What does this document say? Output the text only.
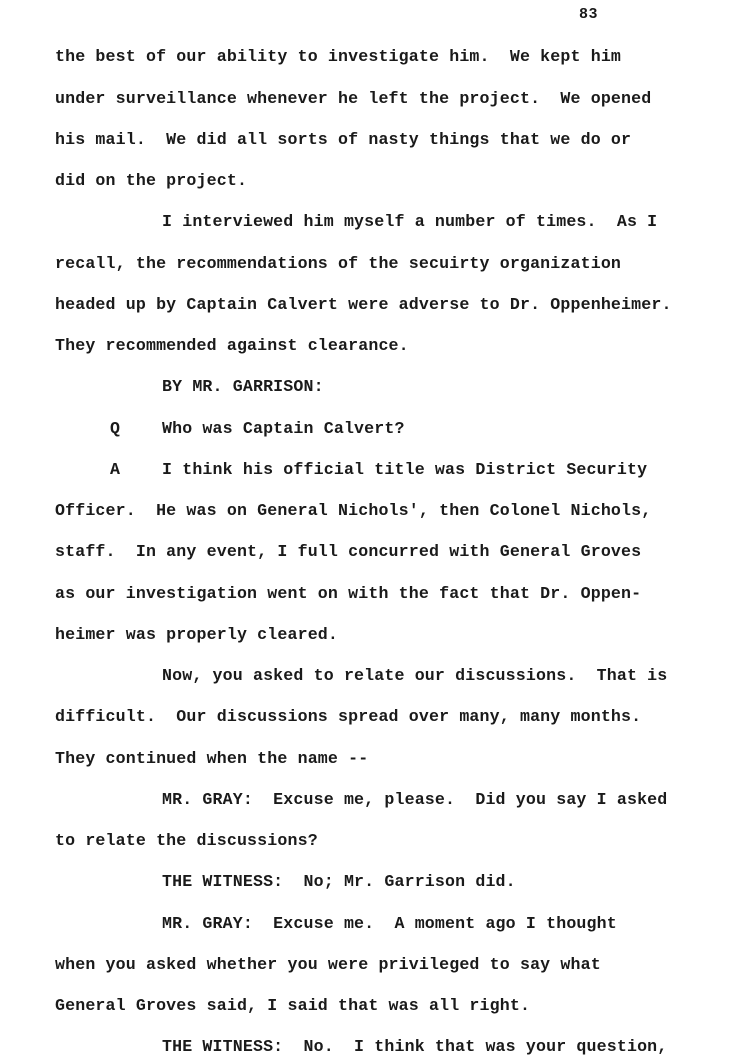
83
the best of our ability to investigate him.  We kept him
under surveillance whenever he left the project.  We opened
his mail.  We did all sorts of nasty things that we do or
did on the project.
I interviewed him myself a number of times.  As I
recall, the recommendations of the secuirty organization
headed up by Captain Calvert were adverse to Dr. Oppenheimer.
They recommended against clearance.
BY MR. GARRISON:
Q	Who was Captain Calvert?
A	I think his official title was District Security
Officer.  He was on General Nichols', then Colonel Nichols,
staff.  In any event, I full concurred with General Groves
as our investigation went on with the fact that Dr. Oppen-
heimer was properly cleared.
Now, you asked to relate our discussions.  That is
difficult.  Our discussions spread over many, many months.
They continued when the name --
MR. GRAY:  Excuse me, please.  Did you say I asked
to relate the discussions?
THE WITNESS:  No; Mr. Garrison did.
MR. GRAY:  Excuse me.  A moment ago I thought
when you asked whether you were privileged to say what
General Groves said, I said that was all right.
THE WITNESS:  No.  I think that was your question,
